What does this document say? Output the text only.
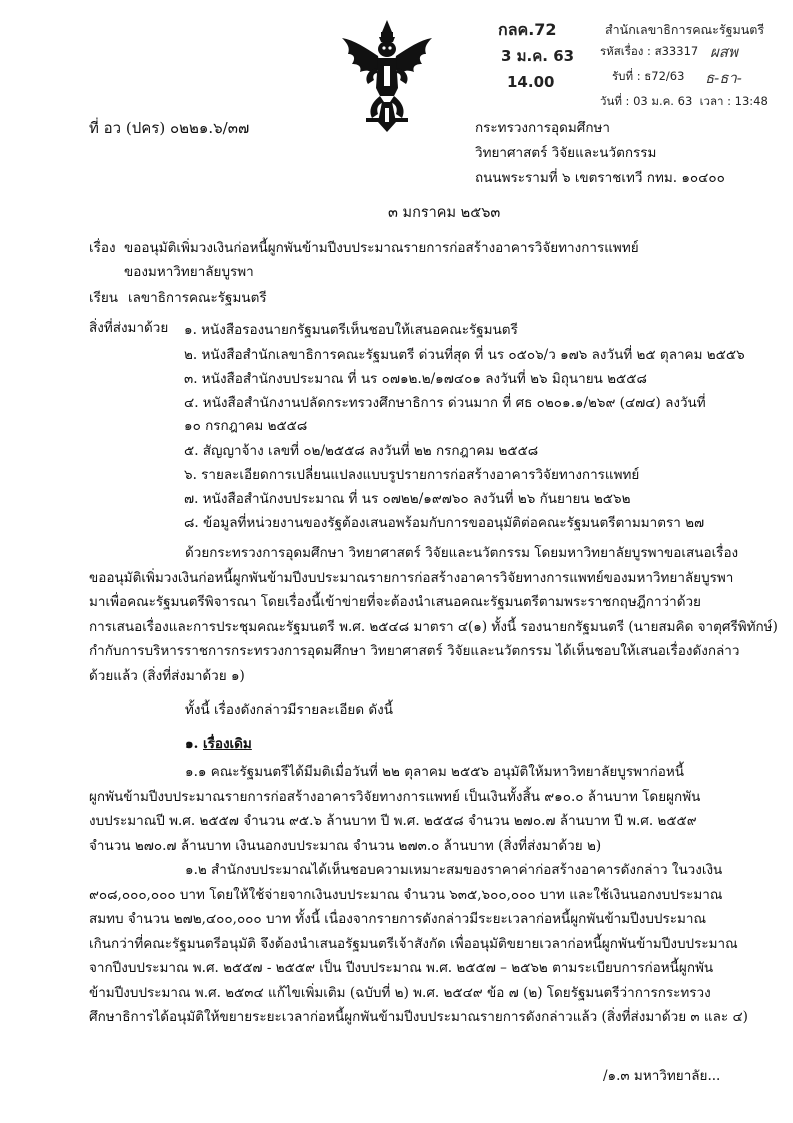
กลค.72
3 ม.ค. 63
14.00
สำนักเลขาธิการคณะรัฐมนตรี
รหัสเรื่อง : ส33317 ผสพ
รับที่ : ธ72/63 ธ-ธา-
วันที่ : 03 ม.ค. 63 เวลา : 13:48
ที่ อว (ปคร) ๐๒๒๑.๖/๓๗	กระทรวงการอุดมศึกษา
วิทยาศาสตร์ วิจัยและนวัตกรรม
ถนนพระรามที่ ๖ เขตราชเทวี กทม. ๑๐๔๐๐
๓ มกราคม ๒๕๖๓
เรื่อง ขออนุมัติเพิ่มวงเงินก่อหนี้ผูกพันข้ามปีงบประมาณรายการก่อสร้างอาคารวิจัยทางการแพทย์
ของมหาวิทยาลัยบูรพา
เรียน เลขาธิการคณะรัฐมนตรี
สิ่งที่ส่งมาด้วย ๑. หนังสือรองนายกรัฐมนตรีเห็นชอบให้เสนอคณะรัฐมนตรี
๒. หนังสือสำนักเลขาธิการคณะรัฐมนตรี ด่วนที่สุด ที่ นร ๐๕๐๖/ว ๑๗๖ ลงวันที่ ๒๕ ตุลาคม ๒๕๕๖
๓. หนังสือสำนักงบประมาณ ที่ นร ๐๗๑๒.๒/๑๗๔๐๑ ลงวันที่ ๒๖ มิถุนายน ๒๕๕๘
๔. หนังสือสำนักงานปลัดกระทรวงศึกษาธิการ ด่วนมาก ที่ ศธ ๐๒๐๑.๑/๒๖๙ (๔๗๔) ลงวันที่
๑๐ กรกฎาคม ๒๕๕๘
๕. สัญญาจ้าง เลขที่ ๐๒/๒๕๕๘ ลงวันที่ ๒๒ กรกฎาคม ๒๕๕๘
๖. รายละเอียดการเปลี่ยนแปลงแบบรูปรายการก่อสร้างอาคารวิจัยทางการแพทย์
๗. หนังสือสำนักงบประมาณ ที่ นร ๐๗๒๒/๑๙๗๖๐ ลงวันที่ ๒๖ กันยายน ๒๕๖๒
๘. ข้อมูลที่หน่วยงานของรัฐต้องเสนอพร้อมกับการขออนุมัติต่อคณะรัฐมนตรีตามมาตรา ๒๗
ด้วยกระทรวงการอุดมศึกษา วิทยาศาสตร์ วิจัยและนวัตกรรม โดยมหาวิทยาลัยบูรพาขอเสนอเรื่อง
ขออนุมัติเพิ่มวงเงินก่อหนี้ผูกพันข้ามปีงบประมาณรายการก่อสร้างอาคารวิจัยทางการแพทย์ของมหาวิทยาลัยบูรพา
มาเพื่อคณะรัฐมนตรีพิจารณา โดยเรื่องนี้เข้าข่ายที่จะต้องนำเสนอคณะรัฐมนตรีตามพระราชกฤษฎีกาว่าด้วย
การเสนอเรื่องและการประชุมคณะรัฐมนตรี พ.ศ. ๒๕๔๘ มาตรา ๔(๑) ทั้งนี้ รองนายกรัฐมนตรี (นายสมคิด จาตุศรีพิทักษ์)
กำกับการบริหารราชการกระทรวงการอุดมศึกษา วิทยาศาสตร์ วิจัยและนวัตกรรม ได้เห็นชอบให้เสนอเรื่องดังกล่าว
ด้วยแล้ว (สิ่งที่ส่งมาด้วย ๑)
ทั้งนี้ เรื่องดังกล่าวมีรายละเอียด ดังนี้
๑. เรื่องเดิม
๑.๑ คณะรัฐมนตรีได้มีมติเมื่อวันที่ ๒๒ ตุลาคม ๒๕๕๖ อนุมัติให้มหาวิทยาลัยบูรพาก่อหนี้
ผูกพันข้ามปีงบประมาณรายการก่อสร้างอาคารวิจัยทางการแพทย์ เป็นเงินทั้งสิ้น ๙๑๐.๐ ล้านบาท โดยผูกพัน
งบประมาณปี พ.ศ. ๒๕๕๗ จำนวน ๙๕.๖ ล้านบาท ปี พ.ศ. ๒๕๕๘ จำนวน ๒๗๐.๗ ล้านบาท ปี พ.ศ. ๒๕๕๙
จำนวน ๒๗๐.๗ ล้านบาท เงินนอกงบประมาณ จำนวน ๒๗๓.๐ ล้านบาท (สิ่งที่ส่งมาด้วย ๒)
๑.๒ สำนักงบประมาณได้เห็นชอบความเหมาะสมของราคาค่าก่อสร้างอาคารดังกล่าว ในวงเงิน
๙๐๘,๐๐๐,๐๐๐ บาท โดยให้ใช้จ่ายจากเงินงบประมาณ จำนวน ๖๓๕,๖๐๐,๐๐๐ บาท และใช้เงินนอกงบประมาณ
สมทบ จำนวน ๒๗๒,๔๐๐,๐๐๐ บาท ทั้งนี้ เนื่องจากรายการดังกล่าวมีระยะเวลาก่อหนี้ผูกพันข้ามปีงบประมาณ
เกินกว่าที่คณะรัฐมนตรีอนุมัติ จึงต้องนำเสนอรัฐมนตรีเจ้าสังกัด เพื่ออนุมัติขยายเวลาก่อหนี้ผูกพันข้ามปีงบประมาณ
จากปีงบประมาณ พ.ศ. ๒๕๕๗ - ๒๕๕๙ เป็น ปีงบประมาณ พ.ศ. ๒๕๕๗ – ๒๕๖๒ ตามระเบียบการก่อหนี้ผูกพัน
ข้ามปีงบประมาณ พ.ศ. ๒๕๓๔ แก้ไขเพิ่มเติม (ฉบับที่ ๒) พ.ศ. ๒๕๔๙ ข้อ ๗ (๒) โดยรัฐมนตรีว่าการกระทรวง
ศึกษาธิการได้อนุมัติให้ขยายระยะเวลาก่อหนี้ผูกพันข้ามปีงบประมาณรายการดังกล่าวแล้ว (สิ่งที่ส่งมาด้วย ๓ และ ๔)
/๑.๓ มหาวิทยาลัย...
